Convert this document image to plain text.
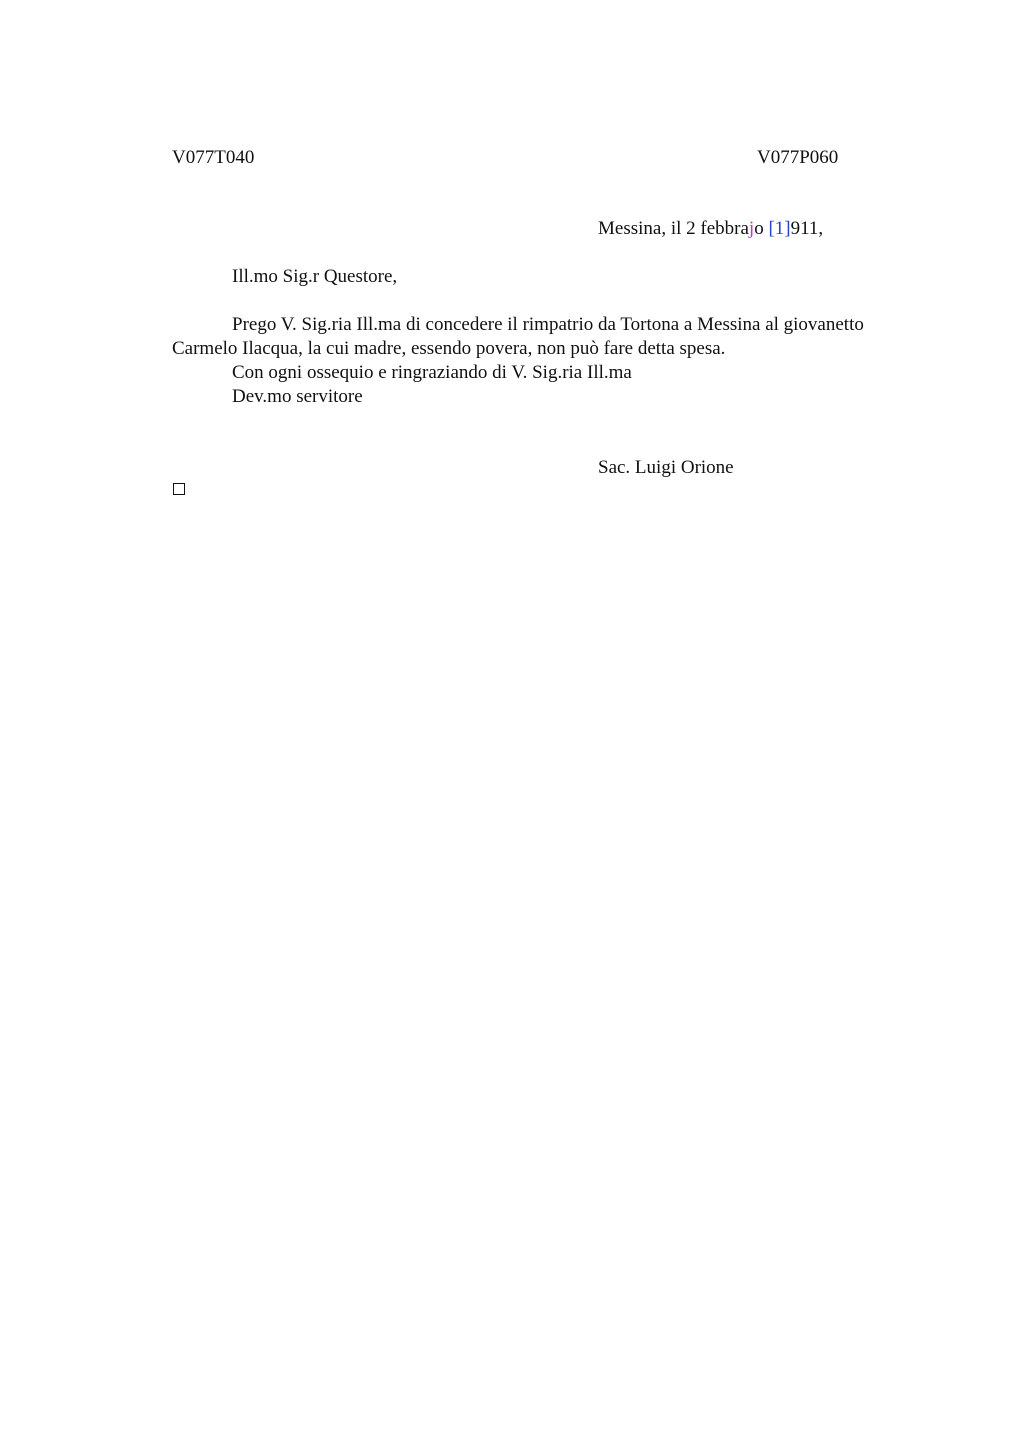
V077T040	V077P060
Messina, il 2 febbrajo [1]911,
Ill.mo Sig.r Questore,
Prego V. Sig.ria Ill.ma di concedere il rimpatrio da Tortona a Messina al giovanetto
Carmelo Ilacqua, la cui madre, essendo povera, non può fare detta spesa.
Con ogni ossequio e ringraziando di V. Sig.ria Ill.ma
Dev.mo servitore
Sac. Luigi Orione
